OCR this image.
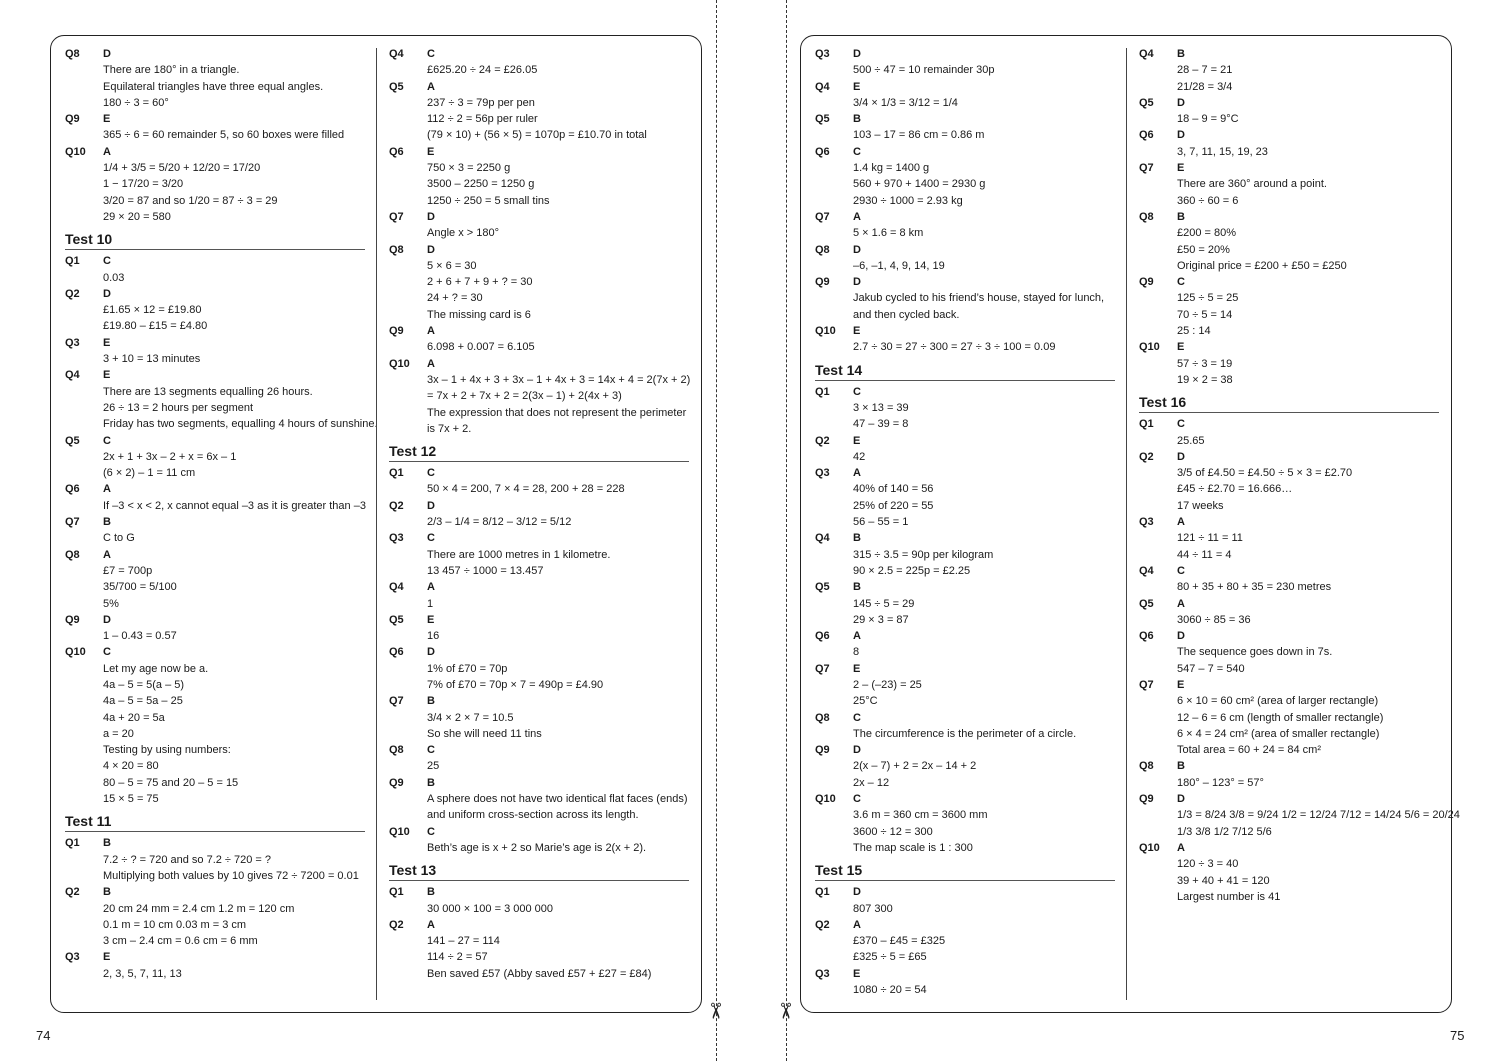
Q8	D
There are 180° in a triangle.
Equilateral triangles have three equal angles.
180 ÷ 3 = 60°
Q9	E
365 ÷ 6 = 60 remainder 5, so 60 boxes were filled
Q10	A
1/4 + 3/5 = 5/20 + 12/20 = 17/20
1 − 17/20 = 3/20
3/20 = 87 and so 1/20 = 87 ÷ 3 = 29
29 × 20 = 580
Test 10
Q1	C
0.03
Q2	D
£1.65 × 12 = £19.80
£19.80 – £15 = £4.80
Q3	E
3 + 10 = 13 minutes
Q4	E
There are 13 segments equalling 26 hours.
26 ÷ 13 = 2 hours per segment
Friday has two segments, equalling 4 hours of sunshine.
Q5	C
2x + 1 + 3x – 2 + x = 6x – 1
(6 × 2) – 1 = 11 cm
Q6	A
If –3 < x < 2, x cannot equal –3 as it is greater than –3
Q7	B
C to G
Q8	A
£7 = 700p
35/700 = 5/100
5%
Q9	D
1 – 0.43 = 0.57
Q10	C
Let my age now be a.
4a – 5 = 5(a – 5)
4a – 5 = 5a – 25
4a + 20 = 5a
a = 20
Testing by using numbers:
4 × 20 = 80
80 – 5 = 75 and 20 – 5 = 15
15 × 5 = 75
Test 11
Q1	B
7.2 ÷ ? = 720 and so 7.2 ÷ 720 = ?
Multiplying both values by 10 gives 72 ÷ 7200 = 0.01
Q2	B
20 cm 24 mm = 2.4 cm 1.2 m = 120 cm
0.1 m = 10 cm 0.03 m = 3 cm
3 cm – 2.4 cm = 0.6 cm = 6 mm
Q3	E
2, 3, 5, 7, 11, 13
Q4	C
£625.20 ÷ 24 = £26.05
Q5	A
237 ÷ 3 = 79p per pen
112 ÷ 2 = 56p per ruler
(79 × 10) + (56 × 5) = 1070p = £10.70 in total
Q6	E
750 × 3 = 2250 g
3500 – 2250 = 1250 g
1250 ÷ 250 = 5 small tins
Q7	D
Angle x > 180°
Q8	D
5 × 6 = 30
2 + 6 + 7 + 9 + ? = 30
24 + ? = 30
The missing card is 6
Q9	A
6.098 + 0.007 = 6.105
Q10	A
3x – 1 + 4x + 3 + 3x – 1 + 4x + 3 = 14x + 4 = 2(7x + 2)
= 7x + 2 + 7x + 2 = 2(3x – 1) + 2(4x + 3)
The expression that does not represent the perimeter
is 7x + 2.
Test 12
Q1	C
50 × 4 = 200, 7 × 4 = 28, 200 + 28 = 228
Q2	D
2/3 – 1/4 = 8/12 – 3/12 = 5/12
Q3	C
There are 1000 metres in 1 kilometre.
13 457 ÷ 1000 = 13.457
Q4	A
1
Q5	E
16
Q6	D
1% of £70 = 70p
7% of £70 = 70p × 7 = 490p = £4.90
Q7	B
3/4 × 2 × 7 = 10.5
So she will need 11 tins
Q8	C
25
Q9	B
A sphere does not have two identical flat faces (ends)
and uniform cross-section across its length.
Q10	C
Beth’s age is x + 2 so Marie’s age is 2(x + 2).
Test 13
Q1	B
30 000 × 100 = 3 000 000
Q2	A
141 – 27 = 114
114 ÷ 2 = 57
Ben saved £57 (Abby saved £57 + £27 = £84)
Q3	D
500 ÷ 47 = 10 remainder 30p
Q4	E
3/4 × 1/3 = 3/12 = 1/4
Q5	B
103 – 17 = 86 cm = 0.86 m
Q6	C
1.4 kg = 1400 g
560 + 970 + 1400 = 2930 g
2930 ÷ 1000 = 2.93 kg
Q7	A
5 × 1.6 = 8 km
Q8	D
–6, –1, 4, 9, 14, 19
Q9	D
Jakub cycled to his friend’s house, stayed for lunch,
and then cycled back.
Q10	E
2.7 ÷ 30 = 27 ÷ 300 = 27 ÷ 3 ÷ 100 = 0.09
Test 14
Q1	C
3 × 13 = 39
47 – 39 = 8
Q2	E
42
Q3	A
40% of 140 = 56
25% of 220 = 55
56 – 55 = 1
Q4	B
315 ÷ 3.5 = 90p per kilogram
90 × 2.5 = 225p = £2.25
Q5	B
145 ÷ 5 = 29
29 × 3 = 87
Q6	A
8
Q7	E
2 – (–23) = 25
25°C
Q8	C
The circumference is the perimeter of a circle.
Q9	D
2(x – 7) + 2 = 2x – 14 + 2
2x – 12
Q10	C
3.6 m = 360 cm = 3600 mm
3600 ÷ 12 = 300
The map scale is 1 : 300
Test 15
Q1	D
807 300
Q2	A
£370 – £45 = £325
£325 ÷ 5 = £65
Q3	E
1080 ÷ 20 = 54
Q4	B
28 – 7 = 21
21/28 = 3/4
Q5	D
18 – 9 = 9°C
Q6	D
3, 7, 11, 15, 19, 23
Q7	E
There are 360° around a point.
360 ÷ 60 = 6
Q8	B
£200 = 80%
£50 = 20%
Original price = £200 + £50 = £250
Q9	C
125 ÷ 5 = 25
70 ÷ 5 = 14
25 : 14
Q10	E
57 ÷ 3 = 19
19 × 2 = 38
Test 16
Q1	C
25.65
Q2	D
3/5 of £4.50 = £4.50 ÷ 5 × 3 = £2.70
£45 ÷ £2.70 = 16.666…
17 weeks
Q3	A
121 ÷ 11 = 11
44 ÷ 11 = 4
Q4	C
80 + 35 + 80 + 35 = 230 metres
Q5	A
3060 ÷ 85 = 36
Q6	D
The sequence goes down in 7s.
547 – 7 = 540
Q7	E
6 × 10 = 60 cm² (area of larger rectangle)
12 – 6 = 6 cm (length of smaller rectangle)
6 × 4 = 24 cm² (area of smaller rectangle)
Total area = 60 + 24 = 84 cm²
Q8	B
180° – 123° = 57°
Q9	D
1/3 = 8/24 3/8 = 9/24 1/2 = 12/24 7/12 = 14/24 5/6 = 20/24
1/3 3/8 1/2 7/12 5/6
Q10	A
120 ÷ 3 = 40
39 + 40 + 41 = 120
Largest number is 41
✂ ✂
74	75
